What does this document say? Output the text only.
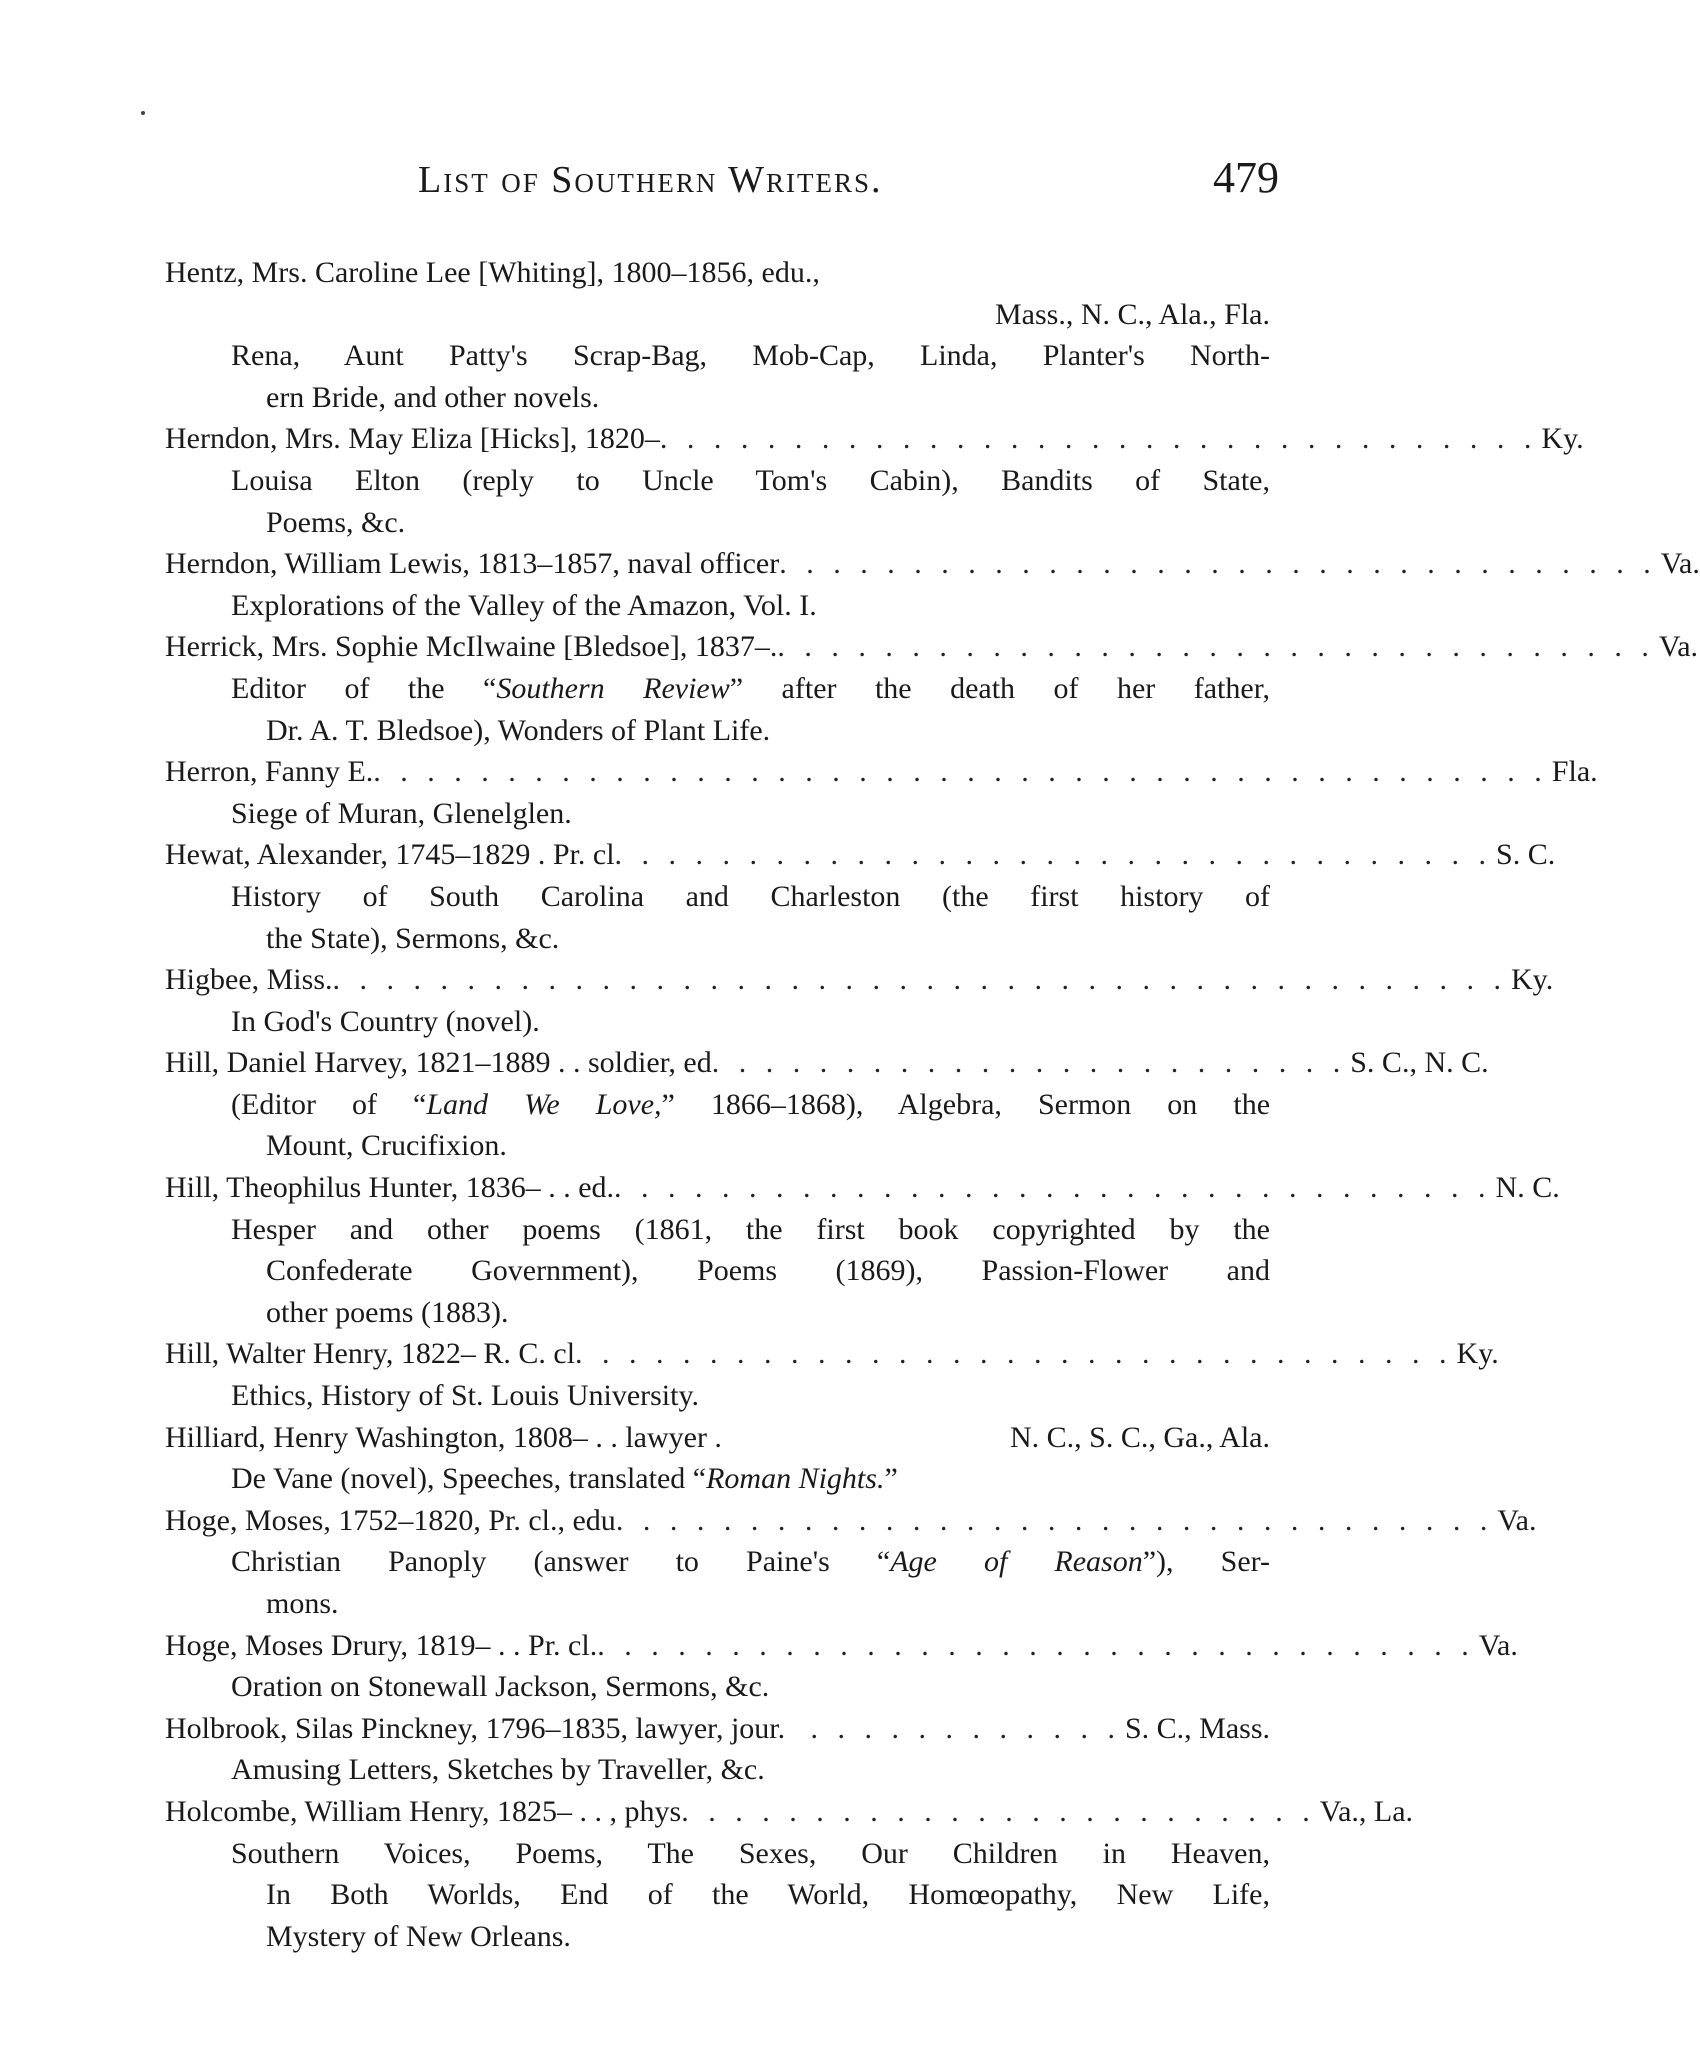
List of Southern Writers.	479
Hentz, Mrs. Caroline Lee [Whiting], 1800–1856, edu.,
Mass., N. C., Ala., Fla.
Rena, Aunt Patty's Scrap-Bag, Mob-Cap, Linda, Planter's North-
ern Bride, and other novels.
Herndon, Mrs. May Eliza [Hicks], 1820– . . . . . . . . . . . . . . . . . . . . . . . . . . . . . . . . . Ky.
Louisa Elton (reply to Uncle Tom's Cabin), Bandits of State,
Poems, &c.
Herndon, William Lewis, 1813–1857, naval officer . . . . . . . . . . . . . . . . . . . . . . . . . . . . . . . . . Va.
Explorations of the Valley of the Amazon, Vol. I.
Herrick, Mrs. Sophie McIlwaine [Bledsoe], 1837–. . . . . . . . . . . . . . . . . . . . . . . . . . . . . . . . . . Va.
Editor of the “Southern Review” after the death of her father,
Dr. A. T. Bledsoe), Wonders of Plant Life.
Herron, Fanny E. . . . . . . . . . . . . . . . . . . . . . . . . . . . . . . . . . . . . . . . . . . . . Fla.
Siege of Muran, Glenelglen.
Hewat, Alexander, 1745–1829 . Pr. cl . . . . . . . . . . . . . . . . . . . . . . . . . . . . . . . . . S. C.
History of South Carolina and Charleston (the first history of
the State), Sermons, &c.
Higbee, Miss. . . . . . . . . . . . . . . . . . . . . . . . . . . . . . . . . . . . . . . . . . . . . Ky.
In God's Country (novel).
Hill, Daniel Harvey, 1821–1889 . . soldier, ed . . . . . . . . . . . . . . . . . . . . . . . . S. C., N. C.
(Editor of “Land We Love,” 1866–1868), Algebra, Sermon on the
Mount, Crucifixion.
Hill, Theophilus Hunter, 1836– . . ed. . . . . . . . . . . . . . . . . . . . . . . . . . . . . . . . . . N. C.
Hesper and other poems (1861, the first book copyrighted by the
Confederate Government), Poems (1869), Passion-Flower and
other poems (1883).
Hill, Walter Henry, 1822– R. C. cl . . . . . . . . . . . . . . . . . . . . . . . . . . . . . . . . . Ky.
Ethics, History of St. Louis University.
Hilliard, Henry Washington, 1808– . . lawyer .	N. C., S. C., Ga., Ala.
De Vane (novel), Speeches, translated “Roman Nights.”
Hoge, Moses, 1752–1820, Pr. cl., edu . . . . . . . . . . . . . . . . . . . . . . . . . . . . . . . . . Va.
Christian Panoply (answer to Paine's “Age of Reason”), Ser-
mons.
Hoge, Moses Drury, 1819– . . Pr. cl. . . . . . . . . . . . . . . . . . . . . . . . . . . . . . . . . . Va.
Oration on Stonewall Jackson, Sermons, &c.
Holbrook, Silas Pinckney, 1796–1835, lawyer, jour. . . . . . . . . . . . . S. C., Mass.
Amusing Letters, Sketches by Traveller, &c.
Holcombe, William Henry, 1825– . . , phys . . . . . . . . . . . . . . . . . . . . . . . . Va., La.
Southern Voices, Poems, The Sexes, Our Children in Heaven,
In Both Worlds, End of the World, Homœopathy, New Life,
Mystery of New Orleans.
